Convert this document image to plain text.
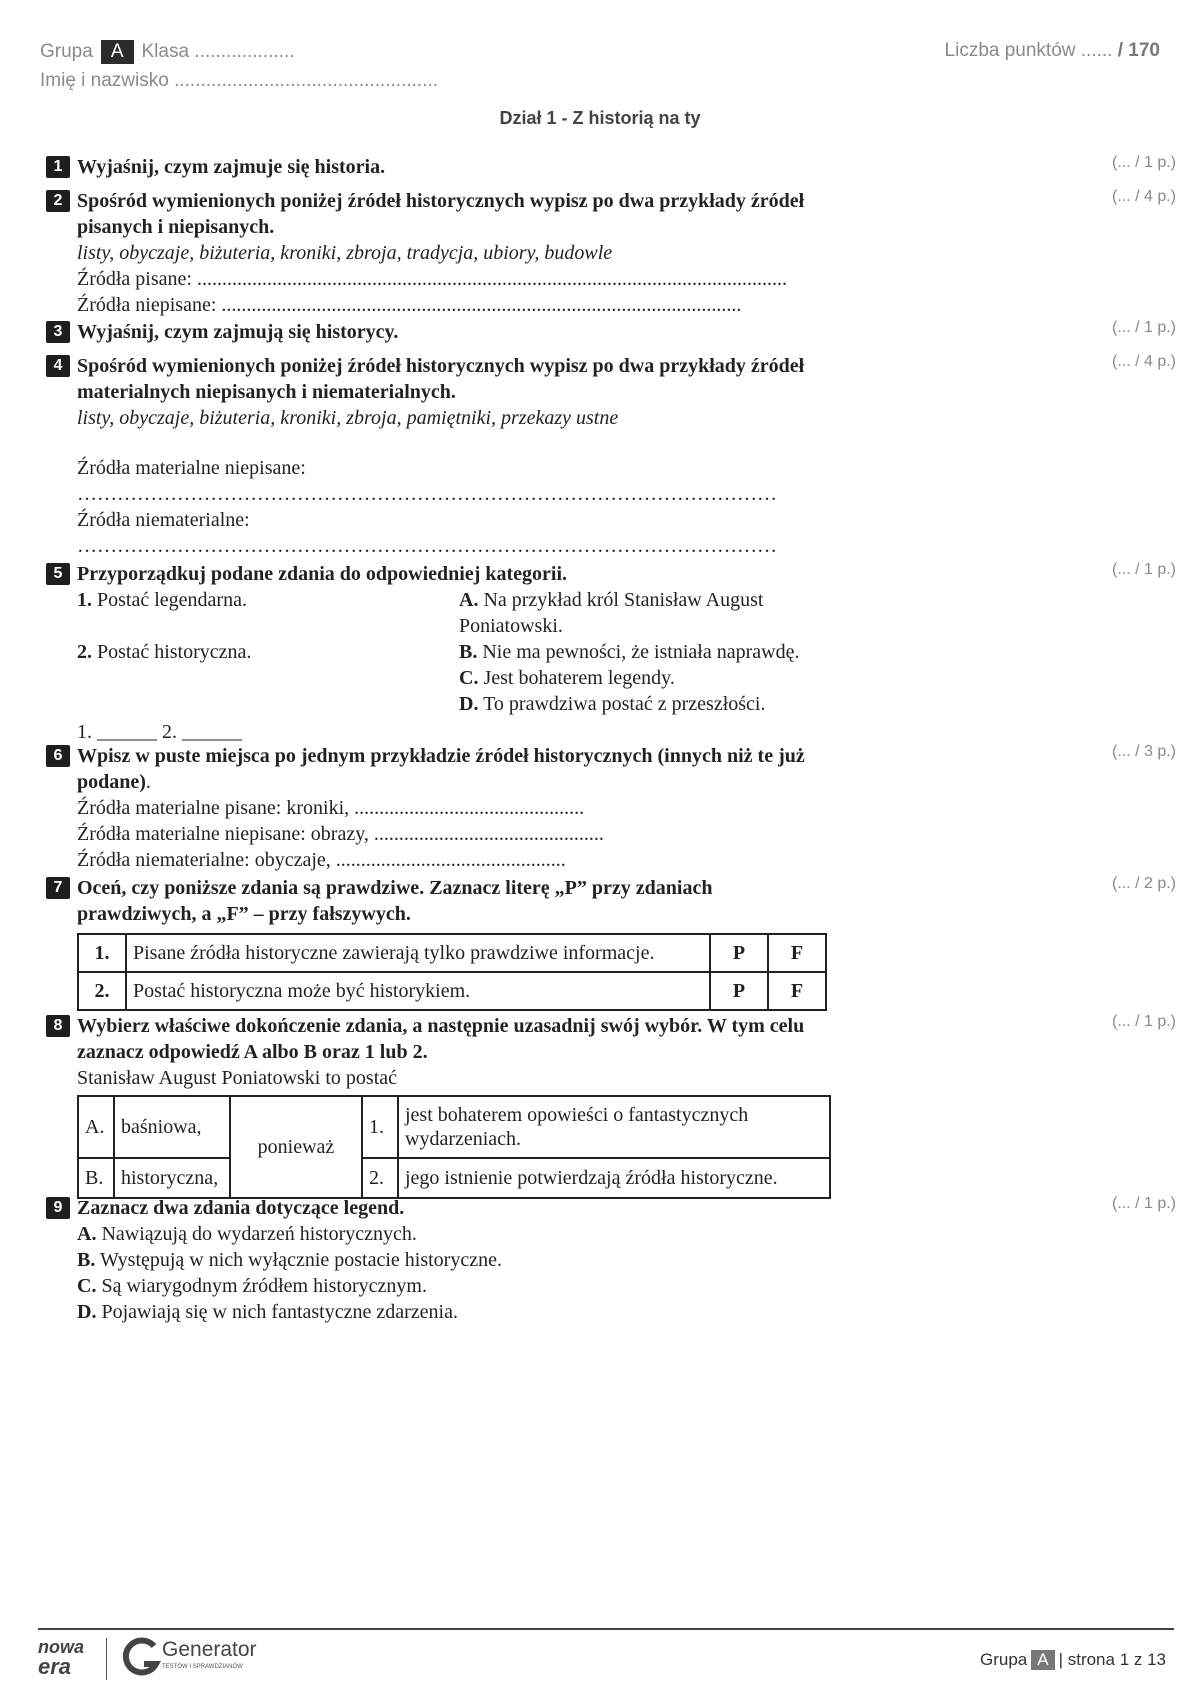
Grupa A Klasa ...................
Imię i nazwisko ..................................................
Liczba punktów ...... / 170
Dział 1 - Z historią na ty
1 Wyjaśnij, czym zajmuje się historia.	(... / 1 p.)
2 Spośród wymienionych poniżej źródeł historycznych wypisz po dwa przykłady źródeł pisanych i niepisanych.
listy, obyczaje, biżuteria, kroniki, zbroja, tradycja, ubiory, budowle
Źródła pisane: ......................................................................................................................
Źródła niepisane: ........................................................................................................
(... / 4 p.)
3 Wyjaśnij, czym zajmują się historycy.	(... / 1 p.)
4 Spośród wymienionych poniżej źródeł historycznych wypisz po dwa przykłady źródeł materialnych niepisanych i niematerialnych.
listy, obyczaje, biżuteria, kroniki, zbroja, pamiętniki, przekazy ustne
Źródła materialne niepisane:
……………………………………………………………………………………………
Źródła niematerialne:
……………………………………………………………………………………………
(... / 4 p.)
5 Przyporządkuj podane zdania do odpowiedniej kategorii.
1. Postać legendarna.
2. Postać historyczna.
A. Na przykład król Stanisław August Poniatowski.
B. Nie ma pewności, że istniała naprawdę.
C. Jest bohaterem legendy.
D. To prawdziwa postać z przeszłości.
1. ______ 2. ______
(... / 1 p.)
6 Wpisz w puste miejsca po jednym przykładzie źródeł historycznych (innych niż te już podane).
Źródła materialne pisane: kroniki, ..............................................
Źródła materialne niepisane: obrazy, ..............................................
Źródła niematerialne: obyczaje, ..............................................
(... / 3 p.)
7 Oceń, czy poniższe zdania są prawdziwe. Zaznacz literę „P” przy zdaniach prawdziwych, a „F” – przy fałszywych.
1.	Pisane źródła historyczne zawierają tylko prawdziwe informacje.	P	F
2.	Postać historyczna może być historykiem.	P	F
(... / 2 p.)
8 Wybierz właściwe dokończenie zdania, a następnie uzasadnij swój wybór. W tym celu zaznacz odpowiedź A albo B oraz 1 lub 2.
Stanisław August Poniatowski to postać
A.	baśniowa,	ponieważ	1.	jest bohaterem opowieści o fantastycznych wydarzeniach.
B.	historyczna,		2.	jego istnienie potwierdzają źródła historyczne.
(... / 1 p.)
9 Zaznacz dwa zdania dotyczące legend.
A. Nawiązują do wydarzeń historycznych.
B. Występują w nich wyłącznie postacie historyczne.
C. Są wiarygodnym źródłem historycznym.
D. Pojawiają się w nich fantastyczne zdarzenia.
(... / 1 p.)
nowa
era
Generator
TESTÓW I SPRAWDZIANÓW	Grupa A | strona 1 z 13
